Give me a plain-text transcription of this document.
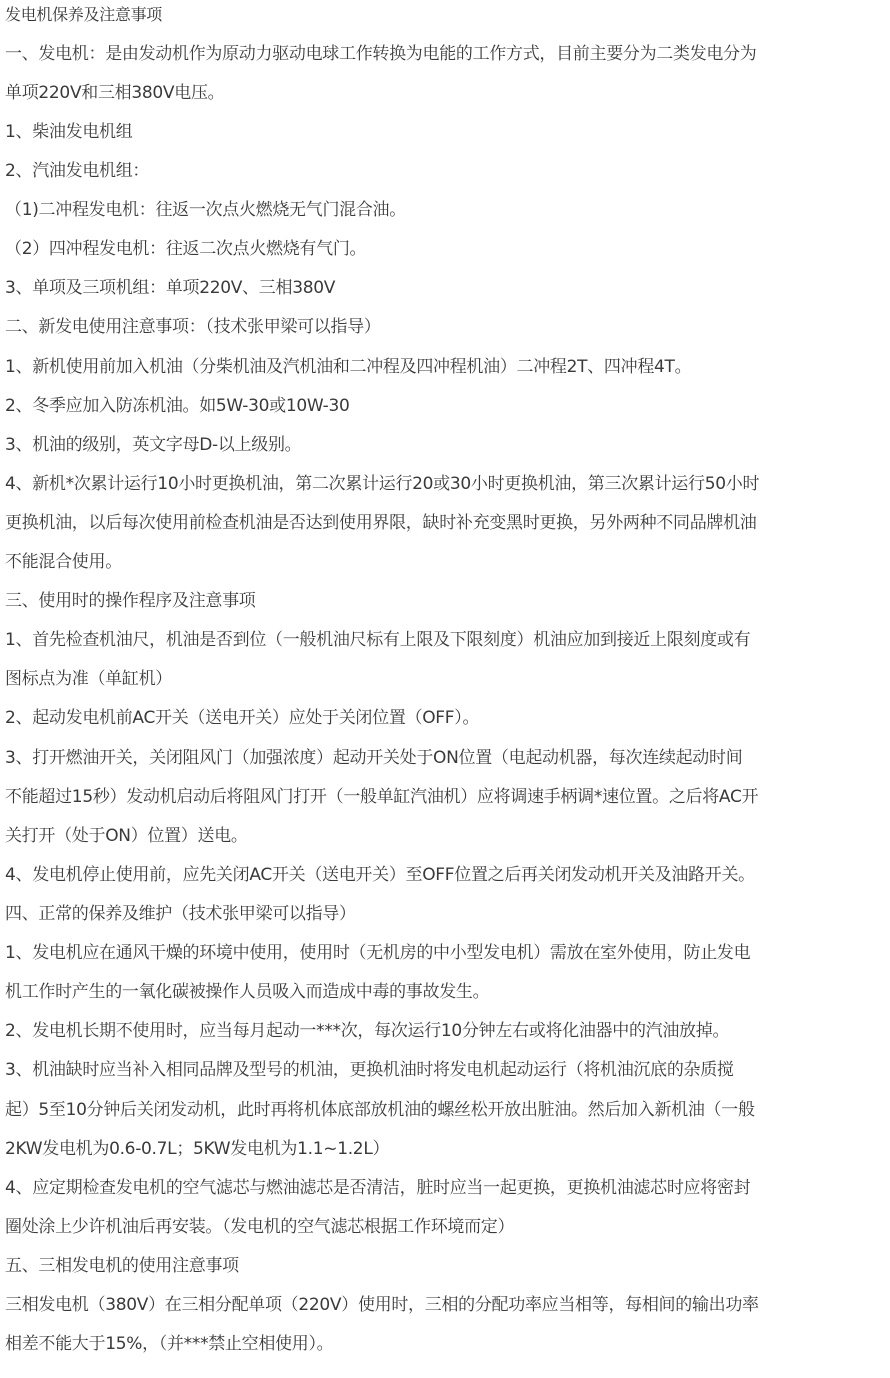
发电机保养及注意事项
一、发电机：是由发动机作为原动力驱动电球工作转换为电能的工作方式，目前主要分为二类发电分为
单项220V和三相380V电压。
1、柴油发电机组
2、汽油发电机组：
（1)二冲程发电机：往返一次点火燃烧无气门混合油。
（2）四冲程发电机：往返二次点火燃烧有气门。
3、单项及三项机组：单项220V、三相380V
二、新发电使用注意事项：（技术张甲梁可以指导）
1、新机使用前加入机油（分柴机油及汽机油和二冲程及四冲程机油）二冲程2T、四冲程4T。
2、冬季应加入防冻机油。如5W-30或10W-30
3、机油的级别，英文字母D-以上级别。
4、新机*次累计运行10小时更换机油，第二次累计运行20或30小时更换机油，第三次累计运行50小时
更换机油，以后每次使用前检查机油是否达到使用界限，缺时补充变黑时更换，另外两种不同品牌机油
不能混合使用。
三、使用时的操作程序及注意事项
1、首先检查机油尺，机油是否到位（一般机油尺标有上限及下限刻度）机油应加到接近上限刻度或有
图标点为准（单缸机）
2、起动发电机前AC开关（送电开关）应处于关闭位置（OFF）。
3、打开燃油开关，关闭阻风门（加强浓度）起动开关处于ON位置（电起动机器，每次连续起动时间
不能超过15秒）发动机启动后将阻风门打开（一般单缸汽油机）应将调速手柄调*速位置。之后将AC开
关打开（处于ON）位置）送电。
4、发电机停止使用前，应先关闭AC开关（送电开关）至OFF位置之后再关闭发动机开关及油路开关。
四、正常的保养及维护（技术张甲梁可以指导）
1、发电机应在通风干燥的环境中使用，使用时（无机房的中小型发电机）需放在室外使用，防止发电
机工作时产生的一氧化碳被操作人员吸入而造成中毒的事故发生。
2、发电机长期不使用时，应当每月起动一***次，每次运行10分钟左右或将化油器中的汽油放掉。
3、机油缺时应当补入相同品牌及型号的机油，更换机油时将发电机起动运行（将机油沉底的杂质搅
起）5至10分钟后关闭发动机，此时再将机体底部放机油的螺丝松开放出脏油。然后加入新机油（一般
2KW发电机为0.6-0.7L；5KW发电机为1.1~1.2L）
4、应定期检查发电机的空气滤芯与燃油滤芯是否清洁，脏时应当一起更换，更换机油滤芯时应将密封
圈处涂上少许机油后再安装。（发电机的空气滤芯根据工作环境而定）
五、三相发电机的使用注意事项
三相发电机（380V）在三相分配单项（220V）使用时，三相的分配功率应当相等，每相间的输出功率
相差不能大于15%，（并***禁止空相使用）。
